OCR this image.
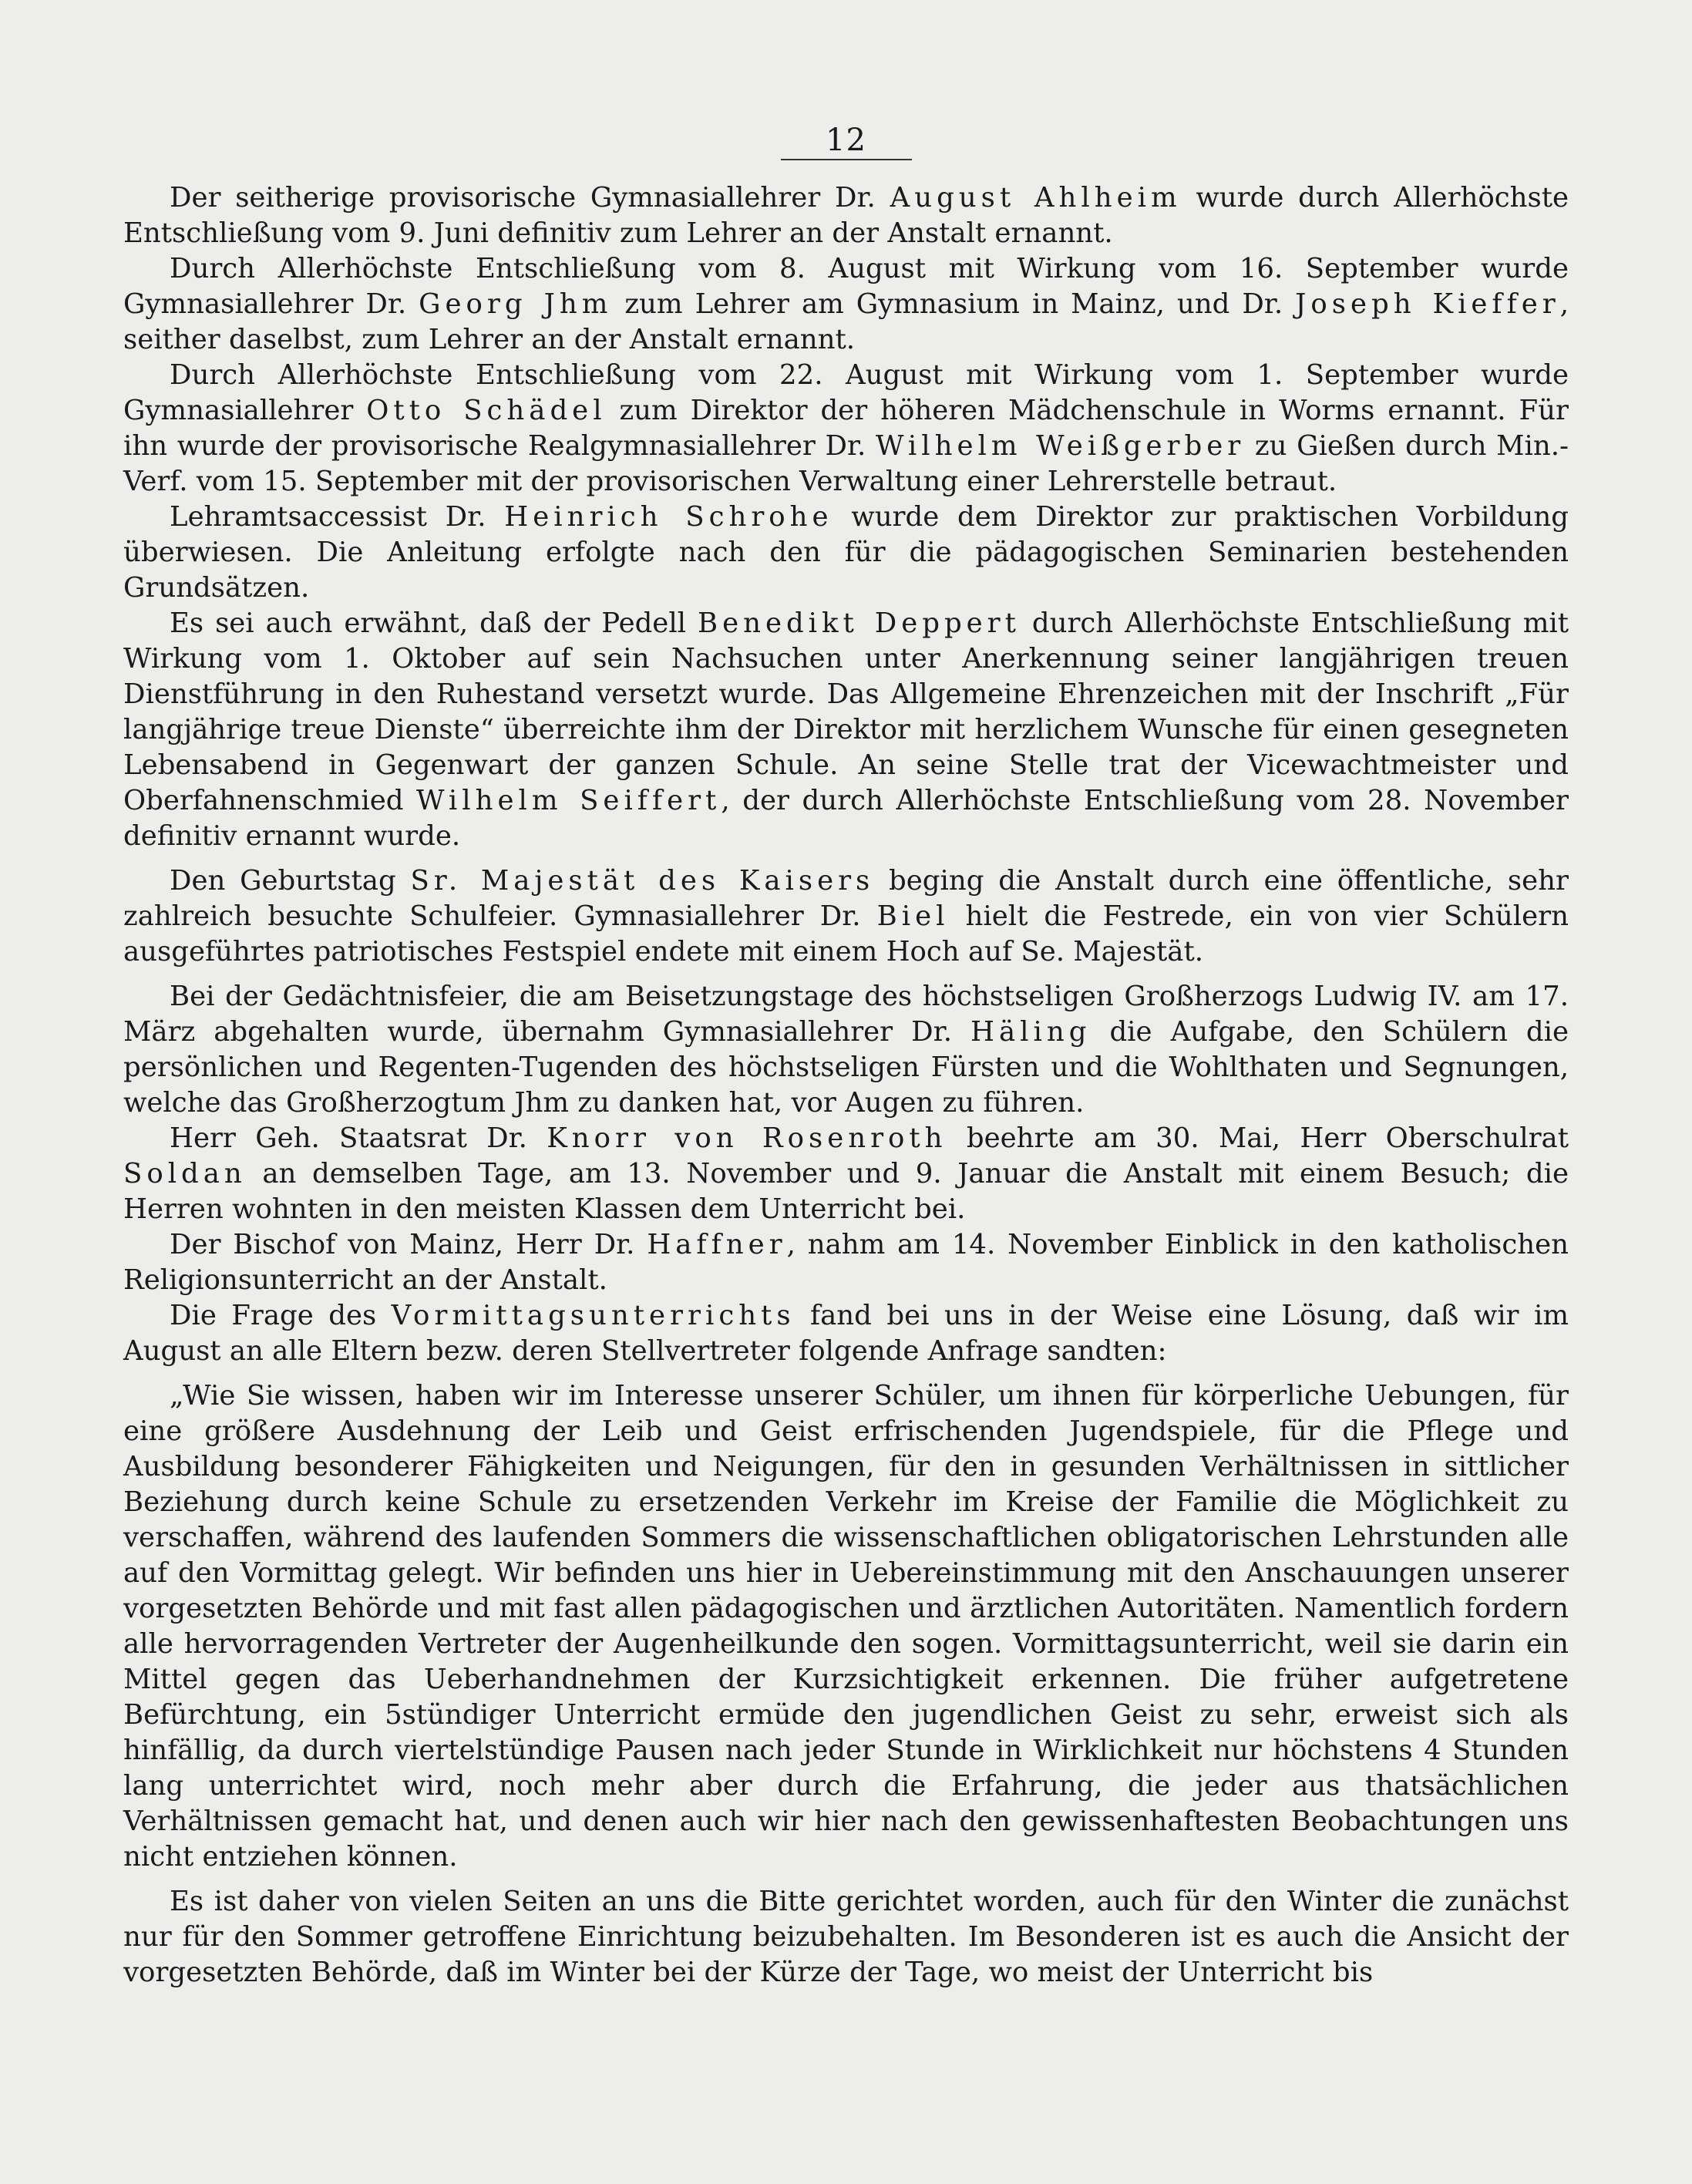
12

Der seitherige provisorische Gymnasiallehrer Dr. August Ahlheim wurde durch Allerhöchste Entschließung vom 9. Juni definitiv zum Lehrer an der Anstalt ernannt.

Durch Allerhöchste Entschließung vom 8. August mit Wirkung vom 16. September wurde Gymnasiallehrer Dr. Georg Jhm zum Lehrer am Gymnasium in Mainz, und Dr. Joseph Kieffer, seither daselbst, zum Lehrer an der Anstalt ernannt.

Durch Allerhöchste Entschließung vom 22. August mit Wirkung vom 1. September wurde Gymnasiallehrer Otto Schädel zum Direktor der höheren Mädchenschule in Worms ernannt. Für ihn wurde der provisorische Realgymnasiallehrer Dr. Wilhelm Weißgerber zu Gießen durch Min.-Verf. vom 15. September mit der provisorischen Verwaltung einer Lehrerstelle betraut.

Lehramtsaccessist Dr. Heinrich Schrohe wurde dem Direktor zur praktischen Vorbildung überwiesen. Die Anleitung erfolgte nach den für die pädagogischen Seminarien bestehenden Grundsätzen.

Es sei auch erwähnt, daß der Pedell Benedikt Deppert durch Allerhöchste Entschließung mit Wirkung vom 1. Oktober auf sein Nachsuchen unter Anerkennung seiner langjährigen treuen Dienstführung in den Ruhestand versetzt wurde. Das Allgemeine Ehrenzeichen mit der Inschrift „Für langjährige treue Dienste“ überreichte ihm der Direktor mit herzlichem Wunsche für einen gesegneten Lebensabend in Gegenwart der ganzen Schule. An seine Stelle trat der Vicewachtmeister und Oberfahnenschmied Wilhelm Seiffert, der durch Allerhöchste Entschließung vom 28. November definitiv ernannt wurde.

Den Geburtstag Sr. Majestät des Kaisers beging die Anstalt durch eine öffentliche, sehr zahlreich besuchte Schulfeier. Gymnasiallehrer Dr. Biel hielt die Festrede, ein von vier Schülern ausgeführtes patriotisches Festspiel endete mit einem Hoch auf Se. Majestät.

Bei der Gedächtnisfeier, die am Beisetzungstage des höchstseligen Großherzogs Ludwig IV. am 17. März abgehalten wurde, übernahm Gymnasiallehrer Dr. Häling die Aufgabe, den Schülern die persönlichen und Regenten-Tugenden des höchstseligen Fürsten und die Wohlthaten und Segnungen, welche das Großherzogtum Jhm zu danken hat, vor Augen zu führen.

Herr Geh. Staatsrat Dr. Knorr von Rosenroth beehrte am 30. Mai, Herr Oberschulrat Soldan an demselben Tage, am 13. November und 9. Januar die Anstalt mit einem Besuch; die Herren wohnten in den meisten Klassen dem Unterricht bei.

Der Bischof von Mainz, Herr Dr. Haffner, nahm am 14. November Einblick in den katholischen Religionsunterricht an der Anstalt.

Die Frage des Vormittagsunterrichts fand bei uns in der Weise eine Lösung, daß wir im August an alle Eltern bezw. deren Stellvertreter folgende Anfrage sandten:

„Wie Sie wissen, haben wir im Interesse unserer Schüler, um ihnen für körperliche Uebungen, für eine größere Ausdehnung der Leib und Geist erfrischenden Jugendspiele, für die Pflege und Ausbildung besonderer Fähigkeiten und Neigungen, für den in gesunden Verhältnissen in sittlicher Beziehung durch keine Schule zu ersetzenden Verkehr im Kreise der Familie die Möglichkeit zu verschaffen, während des laufenden Sommers die wissenschaftlichen obligatorischen Lehrstunden alle auf den Vormittag gelegt. Wir befinden uns hier in Uebereinstimmung mit den Anschauungen unserer vorgesetzten Behörde und mit fast allen pädagogischen und ärztlichen Autoritäten. Namentlich fordern alle hervorragenden Vertreter der Augenheilkunde den sogen. Vormittagsunterricht, weil sie darin ein Mittel gegen das Ueberhandnehmen der Kurzsichtigkeit erkennen. Die früher aufgetretene Befürchtung, ein 5stündiger Unterricht ermüde den jugendlichen Geist zu sehr, erweist sich als hinfällig, da durch viertelstündige Pausen nach jeder Stunde in Wirklichkeit nur höchstens 4 Stunden lang unterrichtet wird, noch mehr aber durch die Erfahrung, die jeder aus thatsächlichen Verhältnissen gemacht hat, und denen auch wir hier nach den gewissenhaftesten Beobachtungen uns nicht entziehen können.

Es ist daher von vielen Seiten an uns die Bitte gerichtet worden, auch für den Winter die zunächst nur für den Sommer getroffene Einrichtung beizubehalten. Im Besonderen ist es auch die Ansicht der vorgesetzten Behörde, daß im Winter bei der Kürze der Tage, wo meist der Unterricht bis
